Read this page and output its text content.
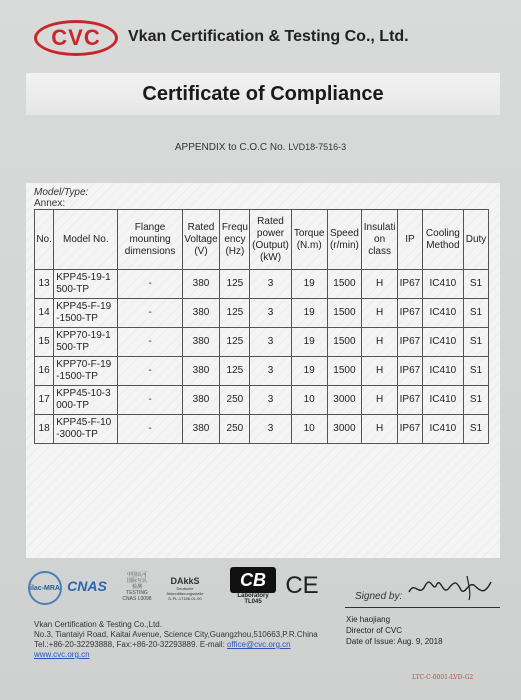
CVC Vkan Certification & Testing Co., Ltd.
Certificate of Compliance
APPENDIX to C.O.C No. LVD18-7516-3
Model/Type:
Annex:
No.	Model No.	Flange mounting dimensions	Rated Voltage (V)	Frequ ency (Hz)	Rated power (Output) (kW)	Torque (N.m)	Speed (r/min)	Insulati on class	IP	Cooling Method	Duty
13	KPP45-19-1 500-TP	-	380	125	3	19	1500	H	IP67	IC410	S1
14	KPP45-F-19 -1500-TP	-	380	125	3	19	1500	H	IP67	IC410	S1
15	KPP70-19-1 500-TP	-	380	125	3	19	1500	H	IP67	IC410	S1
16	KPP70-F-19 -1500-TP	-	380	125	3	19	1500	H	IP67	IC410	S1
17	KPP45-10-3 000-TP	-	380	250	3	10	3000	H	IP67	IC410	S1
18	KPP45-F-10 -3000-TP	-	380	250	3	10	3000	H	IP67	IC410	S1
ilac-MRA CNAS
中国认可
国际互认
检测
TESTING
CNAS L0098
DAkkS
Deutsche
Akkreditierungsstelle
D-PL-17186-01-00
CB
Laboratory
TL045
CE	Signed by:
Xie haojiang
Director of CVC
Date of Issue: Aug. 9, 2018
Vkan Certification & Testing Co.,Ltd.
No.3, Tiantaiyi Road, Kaitai Avenue, Science City,Guangzhou,510663,P.R.China
Tel.:+86-20-32293888, Fax:+86-20-32293889. E-mail: office@cvc.org.cn
www.cvc.org.cn
LTC-C-0001-LVD-G2
